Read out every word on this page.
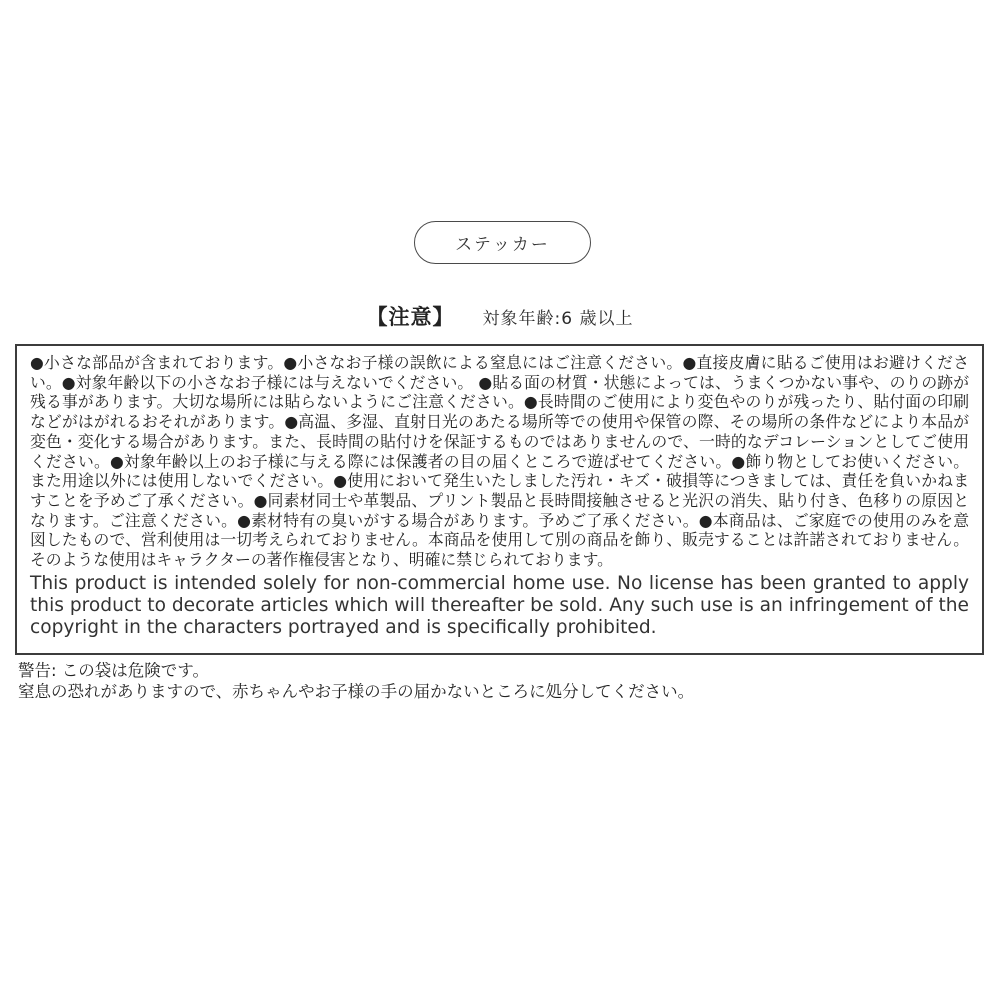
ステッカー
【注意】 対象年齢:6 歳以上
●小さな部品が含まれております。●小さなお子様の誤飲による窒息にはご注意ください。●直接皮膚に貼るご使用はお避けください。●対象年齢以下の小さなお子様には与えないでください。 ●貼る面の材質・状態によっては、うまくつかない事や、のりの跡が残る事があります。大切な場所には貼らないようにご注意ください。●長時間のご使用により変色やのりが残ったり、貼付面の印刷などがはがれるおそれがあります。●高温、多湿、直射日光のあたる場所等での使用や保管の際、その場所の条件などにより本品が変色・変化する場合があります。また、長時間の貼付けを保証するものではありませんので、一時的なデコレーションとしてご使用ください。●対象年齢以上のお子様に与える際には保護者の目の届くところで遊ばせてください。●飾り物としてお使いください。また用途以外には使用しないでください。●使用において発生いたしました汚れ・キズ・破損等につきましては、責任を負いかねますことを予めご了承ください。●同素材同士や革製品、プリント製品と長時間接触させると光沢の消失、貼り付き、色移りの原因となります。ご注意ください。●素材特有の臭いがする場合があります。予めご了承ください。●本商品は、ご家庭での使用のみを意図したもので、営利使用は一切考えられておりません。本商品を使用して別の商品を飾り、販売することは許諾されておりません。そのような使用はキャラクターの著作権侵害となり、明確に禁じられております。
This product is intended solely for non-commercial home use. No license has been granted to apply this product to decorate articles which will thereafter be sold. Any such use is an infringement of the copyright in the characters portrayed and is specifically prohibited.
警告: この袋は危険です。
窒息の恐れがありますので、赤ちゃんやお子様の手の届かないところに処分してください。
